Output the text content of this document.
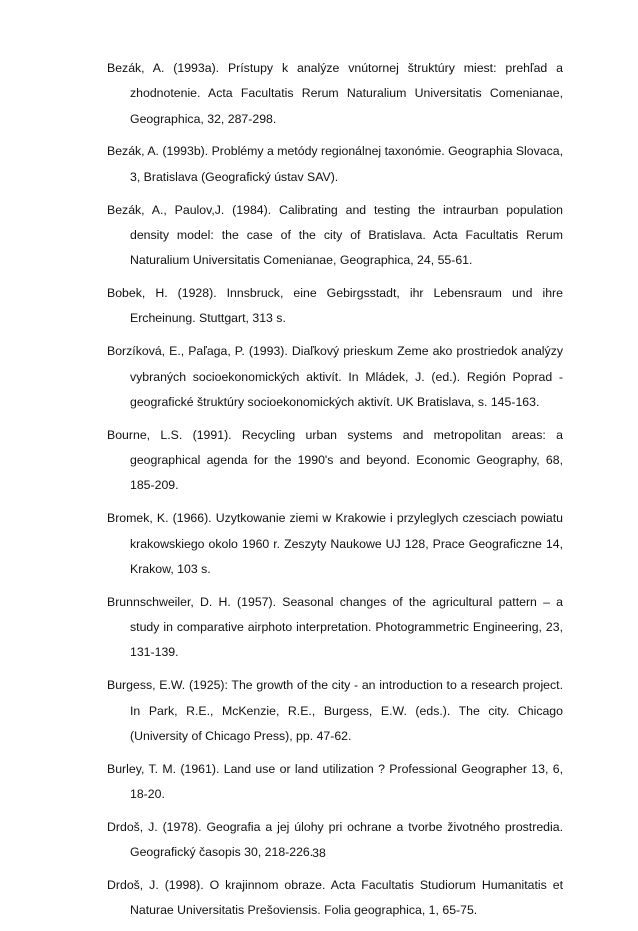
Bezák, A. (1993a). Prístupy k analýze vnútornej štruktúry miest: prehľad a zhodnotenie. Acta Facultatis Rerum Naturalium Universitatis Comenianae, Geographica, 32, 287-298.
Bezák, A. (1993b). Problémy a metódy regionálnej taxonómie. Geographia Slovaca, 3, Bratislava (Geografický ústav SAV).
Bezák, A., Paulov,J. (1984). Calibrating and testing the intraurban population density model: the case of the city of Bratislava. Acta Facultatis Rerum Naturalium Universitatis Comenianae, Geographica, 24, 55-61.
Bobek, H. (1928). Innsbruck, eine Gebirgsstadt, ihr Lebensraum und ihre Ercheinung. Stuttgart, 313 s.
Borzíková, E., Paľaga, P. (1993). Diaľkový prieskum Zeme ako prostriedok analýzy vybraných socioekonomických aktivít. In Mládek, J. (ed.). Región Poprad - geografické štruktúry socioekonomických aktivít. UK Bratislava, s. 145-163.
Bourne, L.S. (1991). Recycling urban systems and metropolitan areas: a geographical agenda for the 1990's and beyond. Economic Geography, 68, 185-209.
Bromek, K. (1966). Uzytkowanie ziemi w Krakowie i przyleglych czesciach powiatu krakowskiego okolo 1960 r. Zeszyty Naukowe UJ 128, Prace Geograficzne 14, Krakow, 103 s.
Brunnschweiler, D. H. (1957). Seasonal changes of the agricultural pattern – a study in comparative airphoto interpretation. Photogrammetric Engineering, 23, 131-139.
Burgess, E.W. (1925): The growth of the city - an introduction to a research project. In Park, R.E., McKenzie, R.E., Burgess, E.W. (eds.). The city. Chicago (University of Chicago Press), pp. 47-62.
Burley, T. M. (1961). Land use or land utilization ? Professional Geographer 13, 6, 18-20.
Drdoš, J. (1978). Geografia a jej úlohy pri ochrane a tvorbe životného prostredia. Geografický časopis 30, 218-226.
Drdoš, J. (1998). O krajinnom obraze. Acta Facultatis Studiorum Humanitatis et Naturae Universitatis Prešoviensis. Folia geographica, 1, 65-75.
38
